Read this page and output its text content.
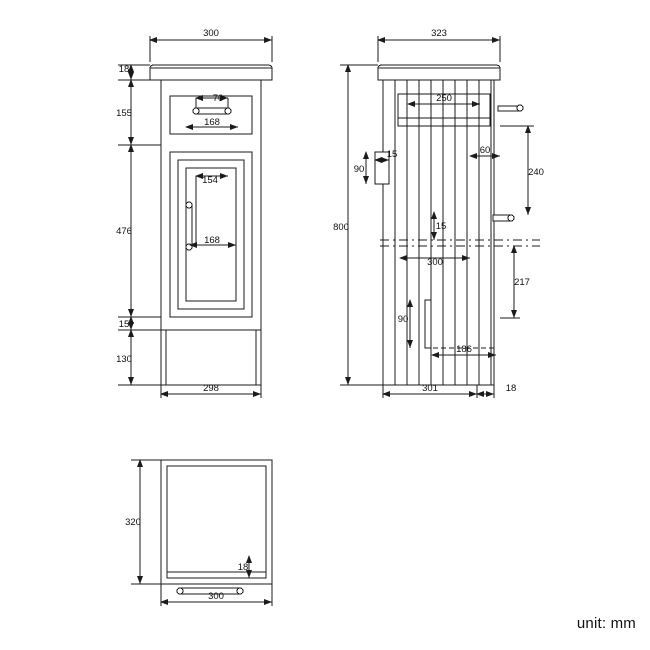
300
298
18
155
476
15
130
70
168
154
168
323
301	18
800
90
15
250
60
240
217
15
300
90
186
320
300
18
unit: mm
